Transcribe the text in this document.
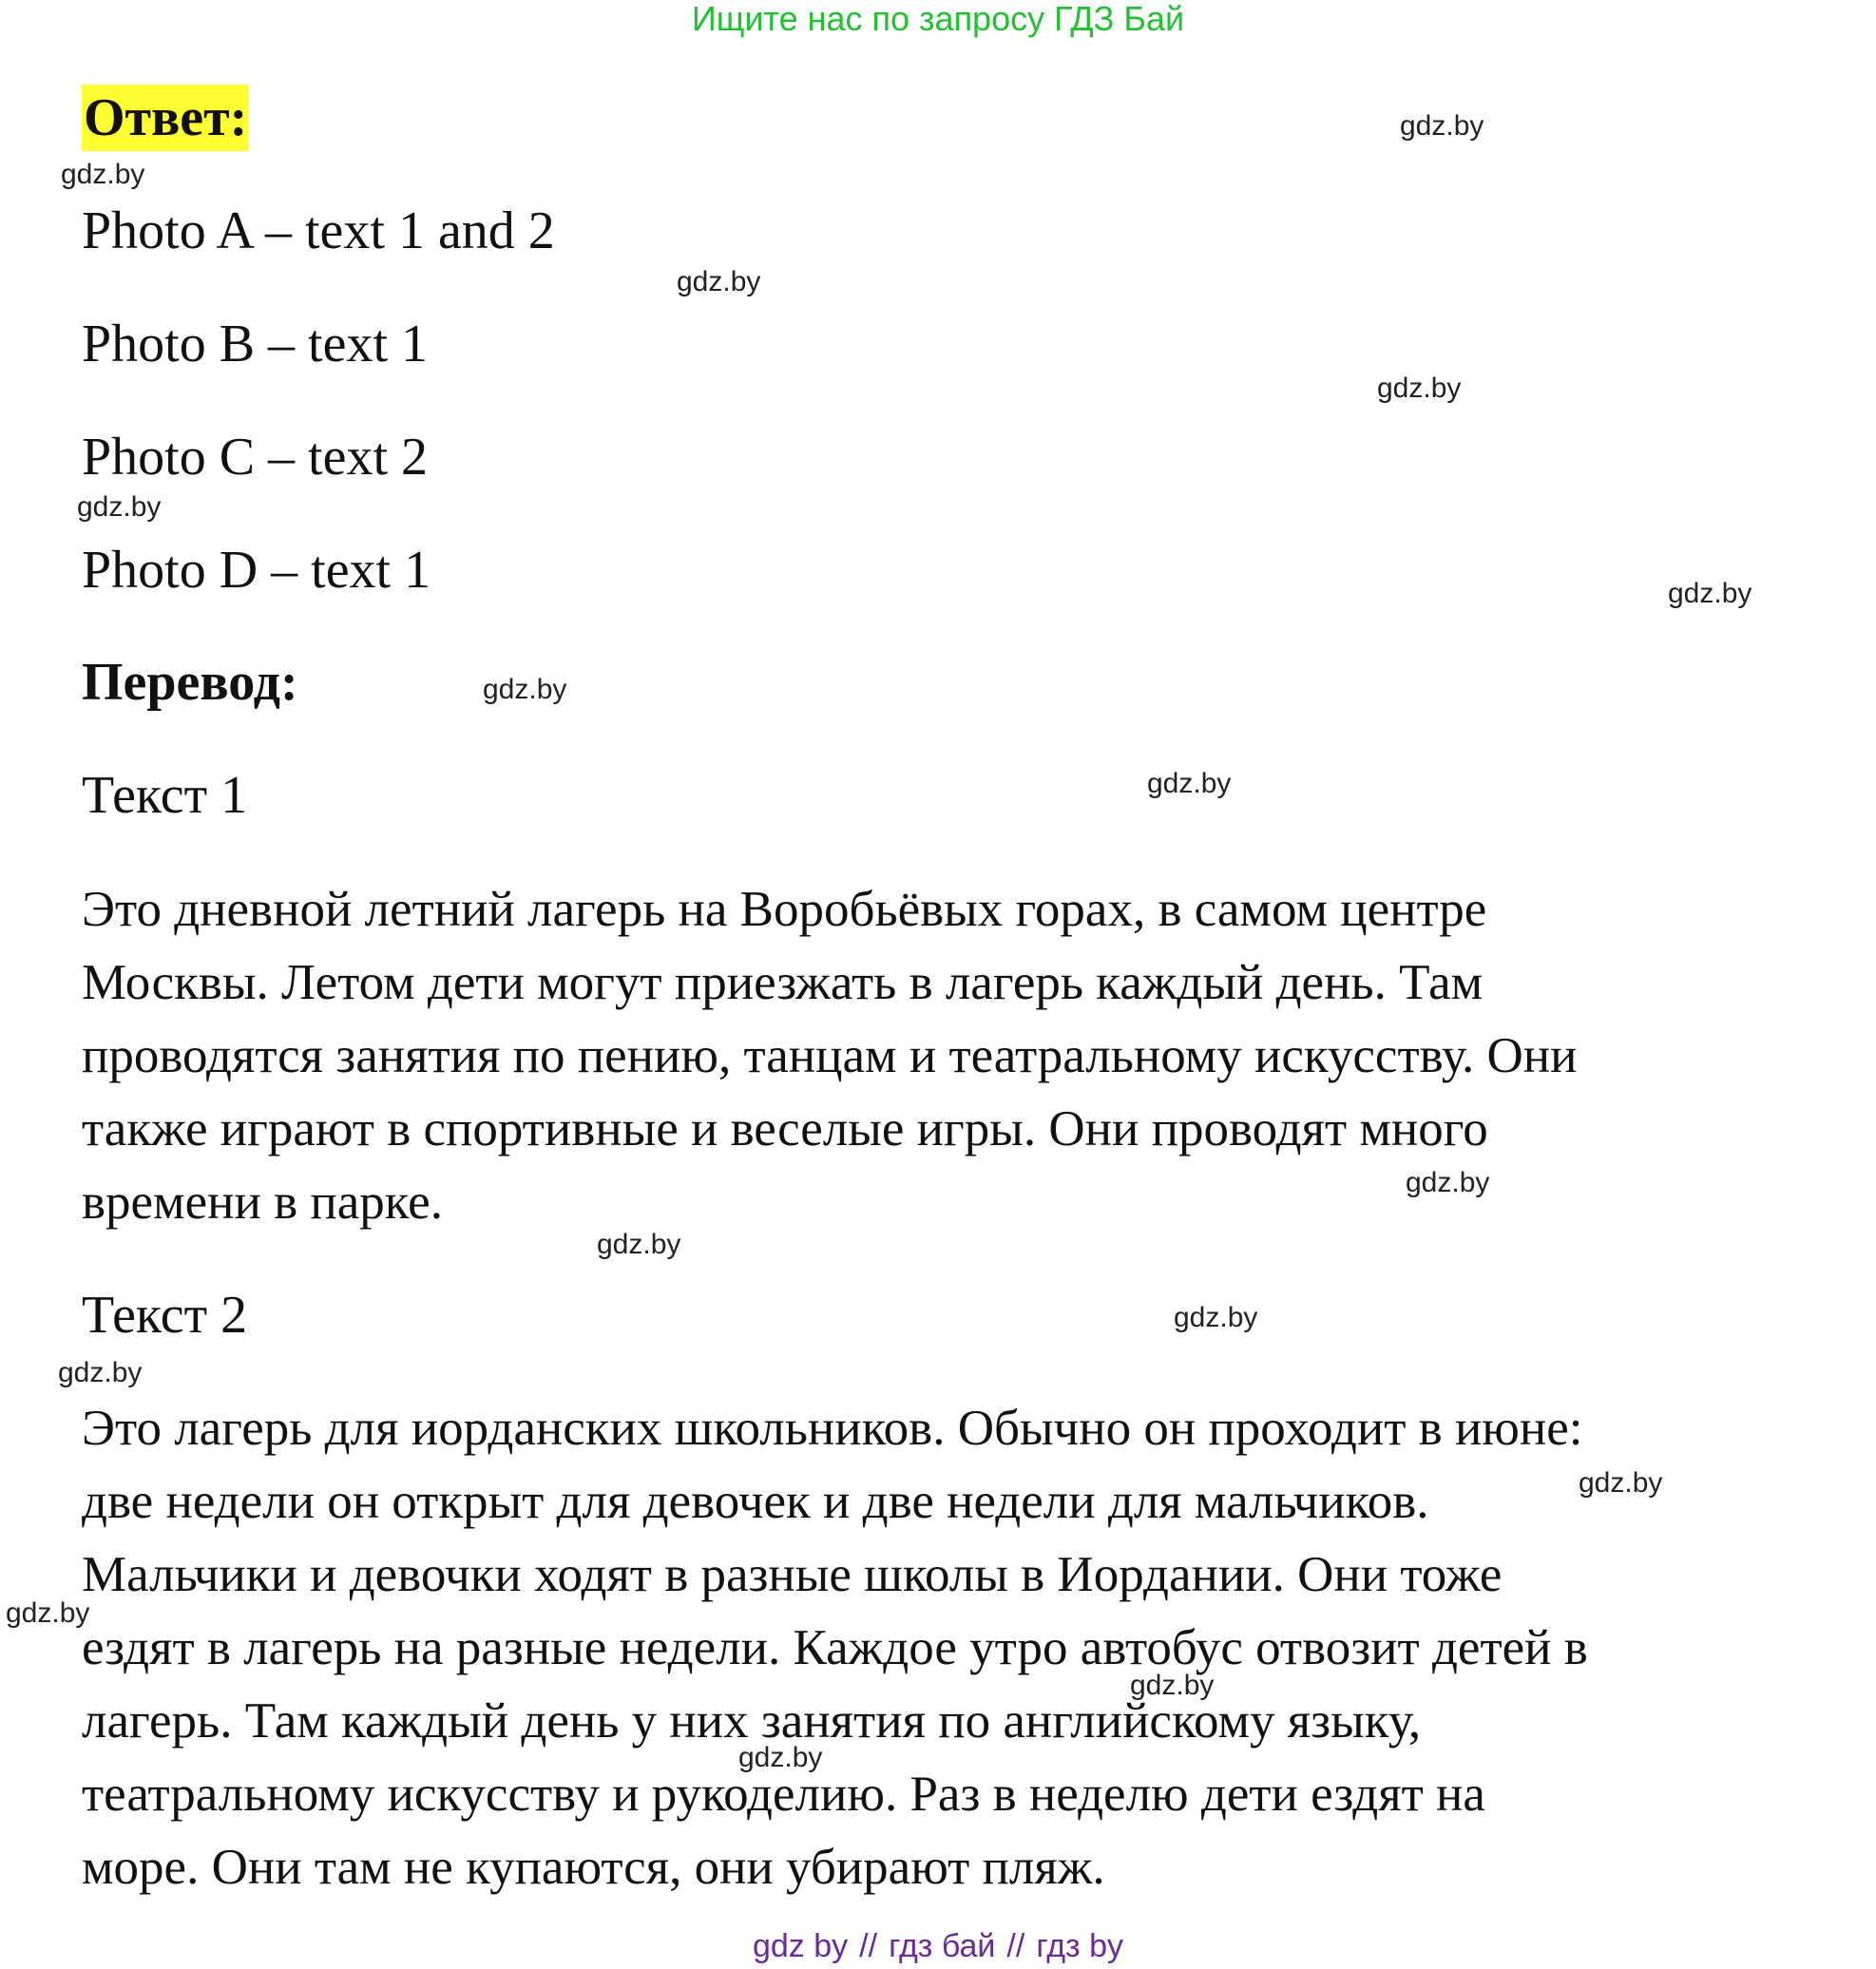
Ищите нас по запросу ГДЗ Бай
Ответ:
Photo A – text 1 and 2
Photo B – text 1
Photo C – text 2
Photo D – text 1
Перевод:
Текст 1
Это дневной летний лагерь на Воробьёвых горах, в самом центре
Москвы. Летом дети могут приезжать в лагерь каждый день. Там
проводятся занятия по пению, танцам и театральному искусству. Они
также играют в спортивные и веселые игры. Они проводят много
времени в парке.
Текст 2
Это лагерь для иорданских школьников. Обычно он проходит в июне:
две недели он открыт для девочек и две недели для мальчиков.
Мальчики и девочки ходят в разные школы в Иордании. Они тоже
ездят в лагерь на разные недели. Каждое утро автобус отвозит детей в
лагерь. Там каждый день у них занятия по английскому языку,
театральному искусству и рукоделию. Раз в неделю дети ездят на
море. Они там не купаются, они убирают пляж.
gdz.by
gdz.by
gdz.by
gdz.by
gdz.by
gdz.by
gdz.by
gdz.by
gdz.by
gdz.by
gdz.by
gdz.by
gdz.by
gdz.by
gdz.by
gdz.by
gdz by // гдз бай // гдз by
